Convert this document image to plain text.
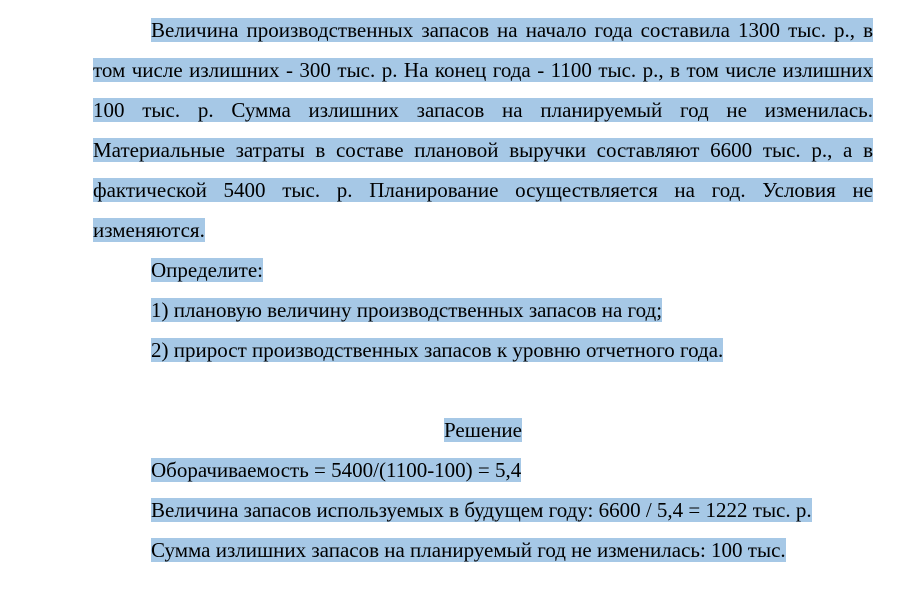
Величина производственных запасов на начало года составила 1300 тыс. р., в том числе излишних - 300 тыс. р. На конец года - 1100 тыс. р., в том числе излишних 100 тыс. р. Сумма излишних запасов на планируемый год не изменилась. Материальные затраты в составе плановой выручки составляют 6600 тыс. р., а в фактической 5400 тыс. р. Планирование осуществляется на год. Условия не изменяются.

Определите:

1) плановую величину производственных запасов на год;

2) прирост производственных запасов к уровню отчетного года.

Решение

Оборачиваемость = 5400/(1100-100) = 5,4

Величина запасов используемых в будущем году: 6600 / 5,4 = 1222 тыс. р.

Сумма излишних запасов на планируемый год не изменилась: 100 тыс.
